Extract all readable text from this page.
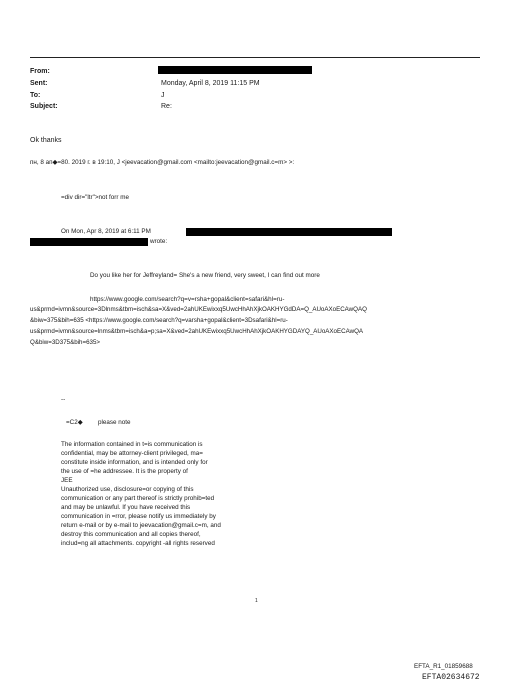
From:
Sent:
To:
Subject:
Monday, April 8, 2019 11:15 PM
J
Re:
Ok thanks
пн, 8 ап◆=80. 2019 г. в 19:10, J <jeevacation@gmail.com <mailto:jeevacation@gmail.c=m> >:
=div dir="ltr">not forr me
On Mon, Apr 8, 2019 at 6:11 PM
wrote:
Do you like her for Jeffreyland= She's a new friend, very sweet, I can find out more
https://www.google.com/search?q=v=rsha+gopal&client=safari&hl=ru-
us&prmd=ivmn&source=3Dlnms&tbm=isch&sa=X&ved=2ahUKEwixxq5UwcHhAhXjkOAKHYGdDA=Q_AUoAXoECAwQAQ
&biw=375&bih=635 <https://www.google.com/search?q=varsha+gopal&client=3Dsafari&hl=ru-
us&prmd=ivmn&source=lnms&tbm=isch&a=p;sa=X&ved=2ahUKEwixxq5UwcHhAhXjkOAKHYGDAYQ_AUoAXoECAwQA
Q&biw=3D375&bih=635>
--
=C2◆ please note
The information contained in t=is communication is
confidential, may be attorney-client privileged, ma=
constitute inside information, and is intended only for
the use of =he addressee. It is the property of
JEE
Unauthorized use, disclosure=or copying of this
communication or any part thereof is strictly prohib=ted
and may be unlawful. If you have received this
communication in =rror, please notify us immediately by
return e-mail or by e-mail to jeevacation@gmail.c=m, and
destroy this communication and all copies thereof,
includ=ng all attachments. copyright -all rights reserved
1
EFTA_R1_01859688
EFTA02634672
